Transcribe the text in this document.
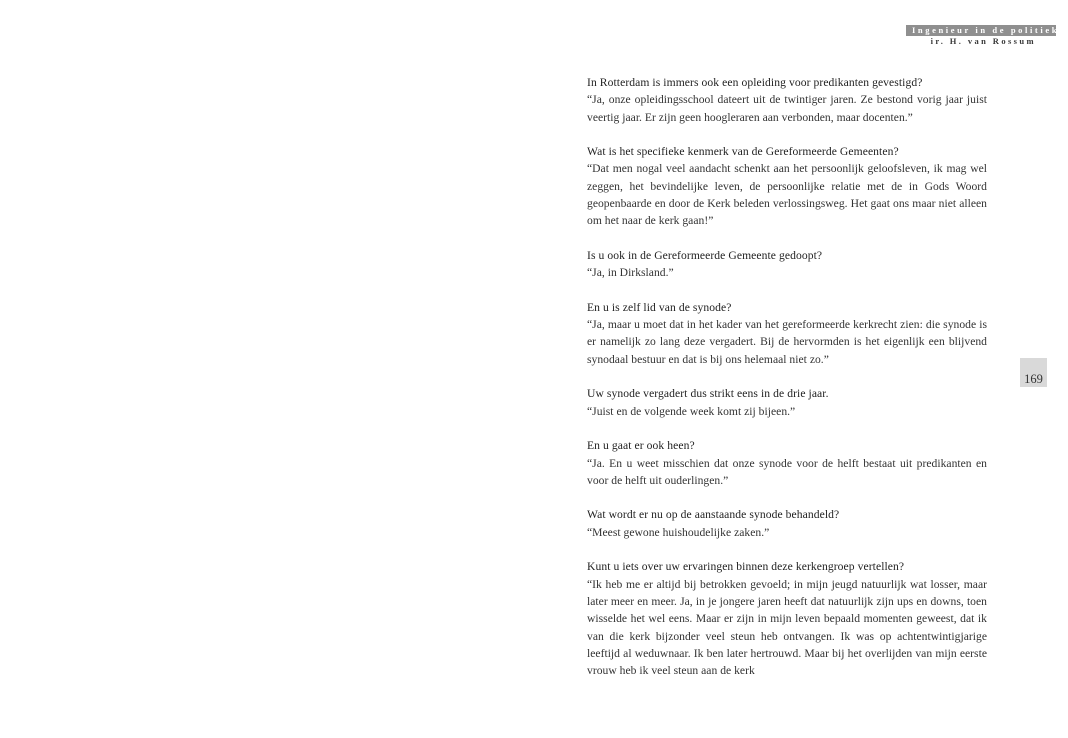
Ingenieur in de politiek
ir. H. van Rossum
169

In Rotterdam is immers ook een opleiding voor predikanten gevestigd?

“Ja, onze opleidingsschool dateert uit de twintiger jaren. Ze bestond vorig jaar juist veertig jaar. Er zijn geen hoogleraren aan verbonden, maar docenten.”

Wat is het specifieke kenmerk van de Gereformeerde Gemeenten?

“Dat men nogal veel aandacht schenkt aan het persoonlijk geloofsleven, ik mag wel zeggen, het bevindelijke leven, de persoonlijke relatie met de in Gods Woord geopenbaarde en door de Kerk beleden verlossingsweg. Het gaat ons maar niet alleen om het naar de kerk gaan!”

Is u ook in de Gereformeerde Gemeente gedoopt?

“Ja, in Dirksland.”

En u is zelf lid van de synode?

“Ja, maar u moet dat in het kader van het gereformeerde kerkrecht zien: die synode is er namelijk zo lang deze vergadert. Bij de hervormden is het eigenlijk een blijvend synodaal bestuur en dat is bij ons helemaal niet zo.”

Uw synode vergadert dus strikt eens in de drie jaar.

“Juist en de volgende week komt zij bijeen.”

En u gaat er ook heen?

“Ja. En u weet misschien dat onze synode voor de helft bestaat uit predikanten en voor de helft uit ouderlingen.”

Wat wordt er nu op de aanstaande synode behandeld?

“Meest gewone huishoudelijke zaken.”

Kunt u iets over uw ervaringen binnen deze kerkengroep vertellen?

“Ik heb me er altijd bij betrokken gevoeld; in mijn jeugd natuurlijk wat losser, maar later meer en meer. Ja, in je jongere jaren heeft dat natuurlijk zijn ups en downs, toen wisselde het wel eens. Maar er zijn in mijn leven bepaald momenten geweest, dat ik van die kerk bijzonder veel steun heb ontvangen. Ik was op achtentwintigjarige leeftijd al weduwnaar. Ik ben later hertrouwd. Maar bij het overlijden van mijn eerste vrouw heb ik veel steun aan de kerk
